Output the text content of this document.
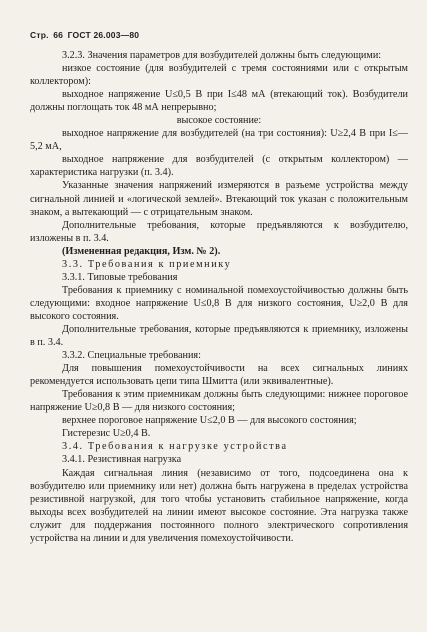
Стр. 66 ГОСТ 26.003—80

3.2.3. Значения параметров для возбудителей должны быть следующими:

низкое состояние (для возбудителей с тремя состояниями или с открытым коллектором):

выходное напряжение U≤0,5 В при I≤48 мА (втекающий ток). Возбудители должны поглощать ток 48 мА непрерывно;

высокое состояние:

выходное напряжение для возбудителей (на три состояния): U≥2,4 В при I≤—5,2 мА,

выходное напряжение для возбудителей (с открытым коллектором) — характеристика нагрузки (п. 3.4).

Указанные значения напряжений измеряются в разъеме устройства между сигнальной линией и «логической землей». Втекающий ток указан с положительным знаком, а вытекающий — с отрицательным знаком.

Дополнительные требования, которые предъявляются к возбудителю, изложены в п. 3.4.

(Измененная редакция, Изм. № 2).

3.3. Требования к приемнику

3.3.1. Типовые требования

Требования к приемнику с номинальной помехоустойчивостью должны быть следующими: входное напряжение U≤0,8 В для низкого состояния, U≥2,0 В для высокого состояния.

Дополнительные требования, которые предъявляются к приемнику, изложены в п. 3.4.

3.3.2. Специальные требования:

Для повышения помехоустойчивости на всех сигнальных линиях рекомендуется использовать цепи типа Шмитта (или эквивалентные).

Требования к этим приемникам должны быть следующими: нижнее пороговое напряжение U≥0,8 В — для низкого состояния;

верхнее пороговое напряжение U≤2,0 В — для высокого состояния;

Гистерезис U≥0,4 В.

3.4. Требования к нагрузке устройства

3.4.1. Резистивная нагрузка

Каждая сигнальная линия (независимо от того, подсоединена она к возбудителю или приемнику или нет) должна быть нагружена в пределах устройства резистивной нагрузкой, для того чтобы установить стабильное напряжение, когда выходы всех возбудителей на линии имеют высокое состояние. Эта нагрузка также служит для поддержания постоянного полного электрического сопротивления устройства на линии и для увеличения помехоустойчивости.
